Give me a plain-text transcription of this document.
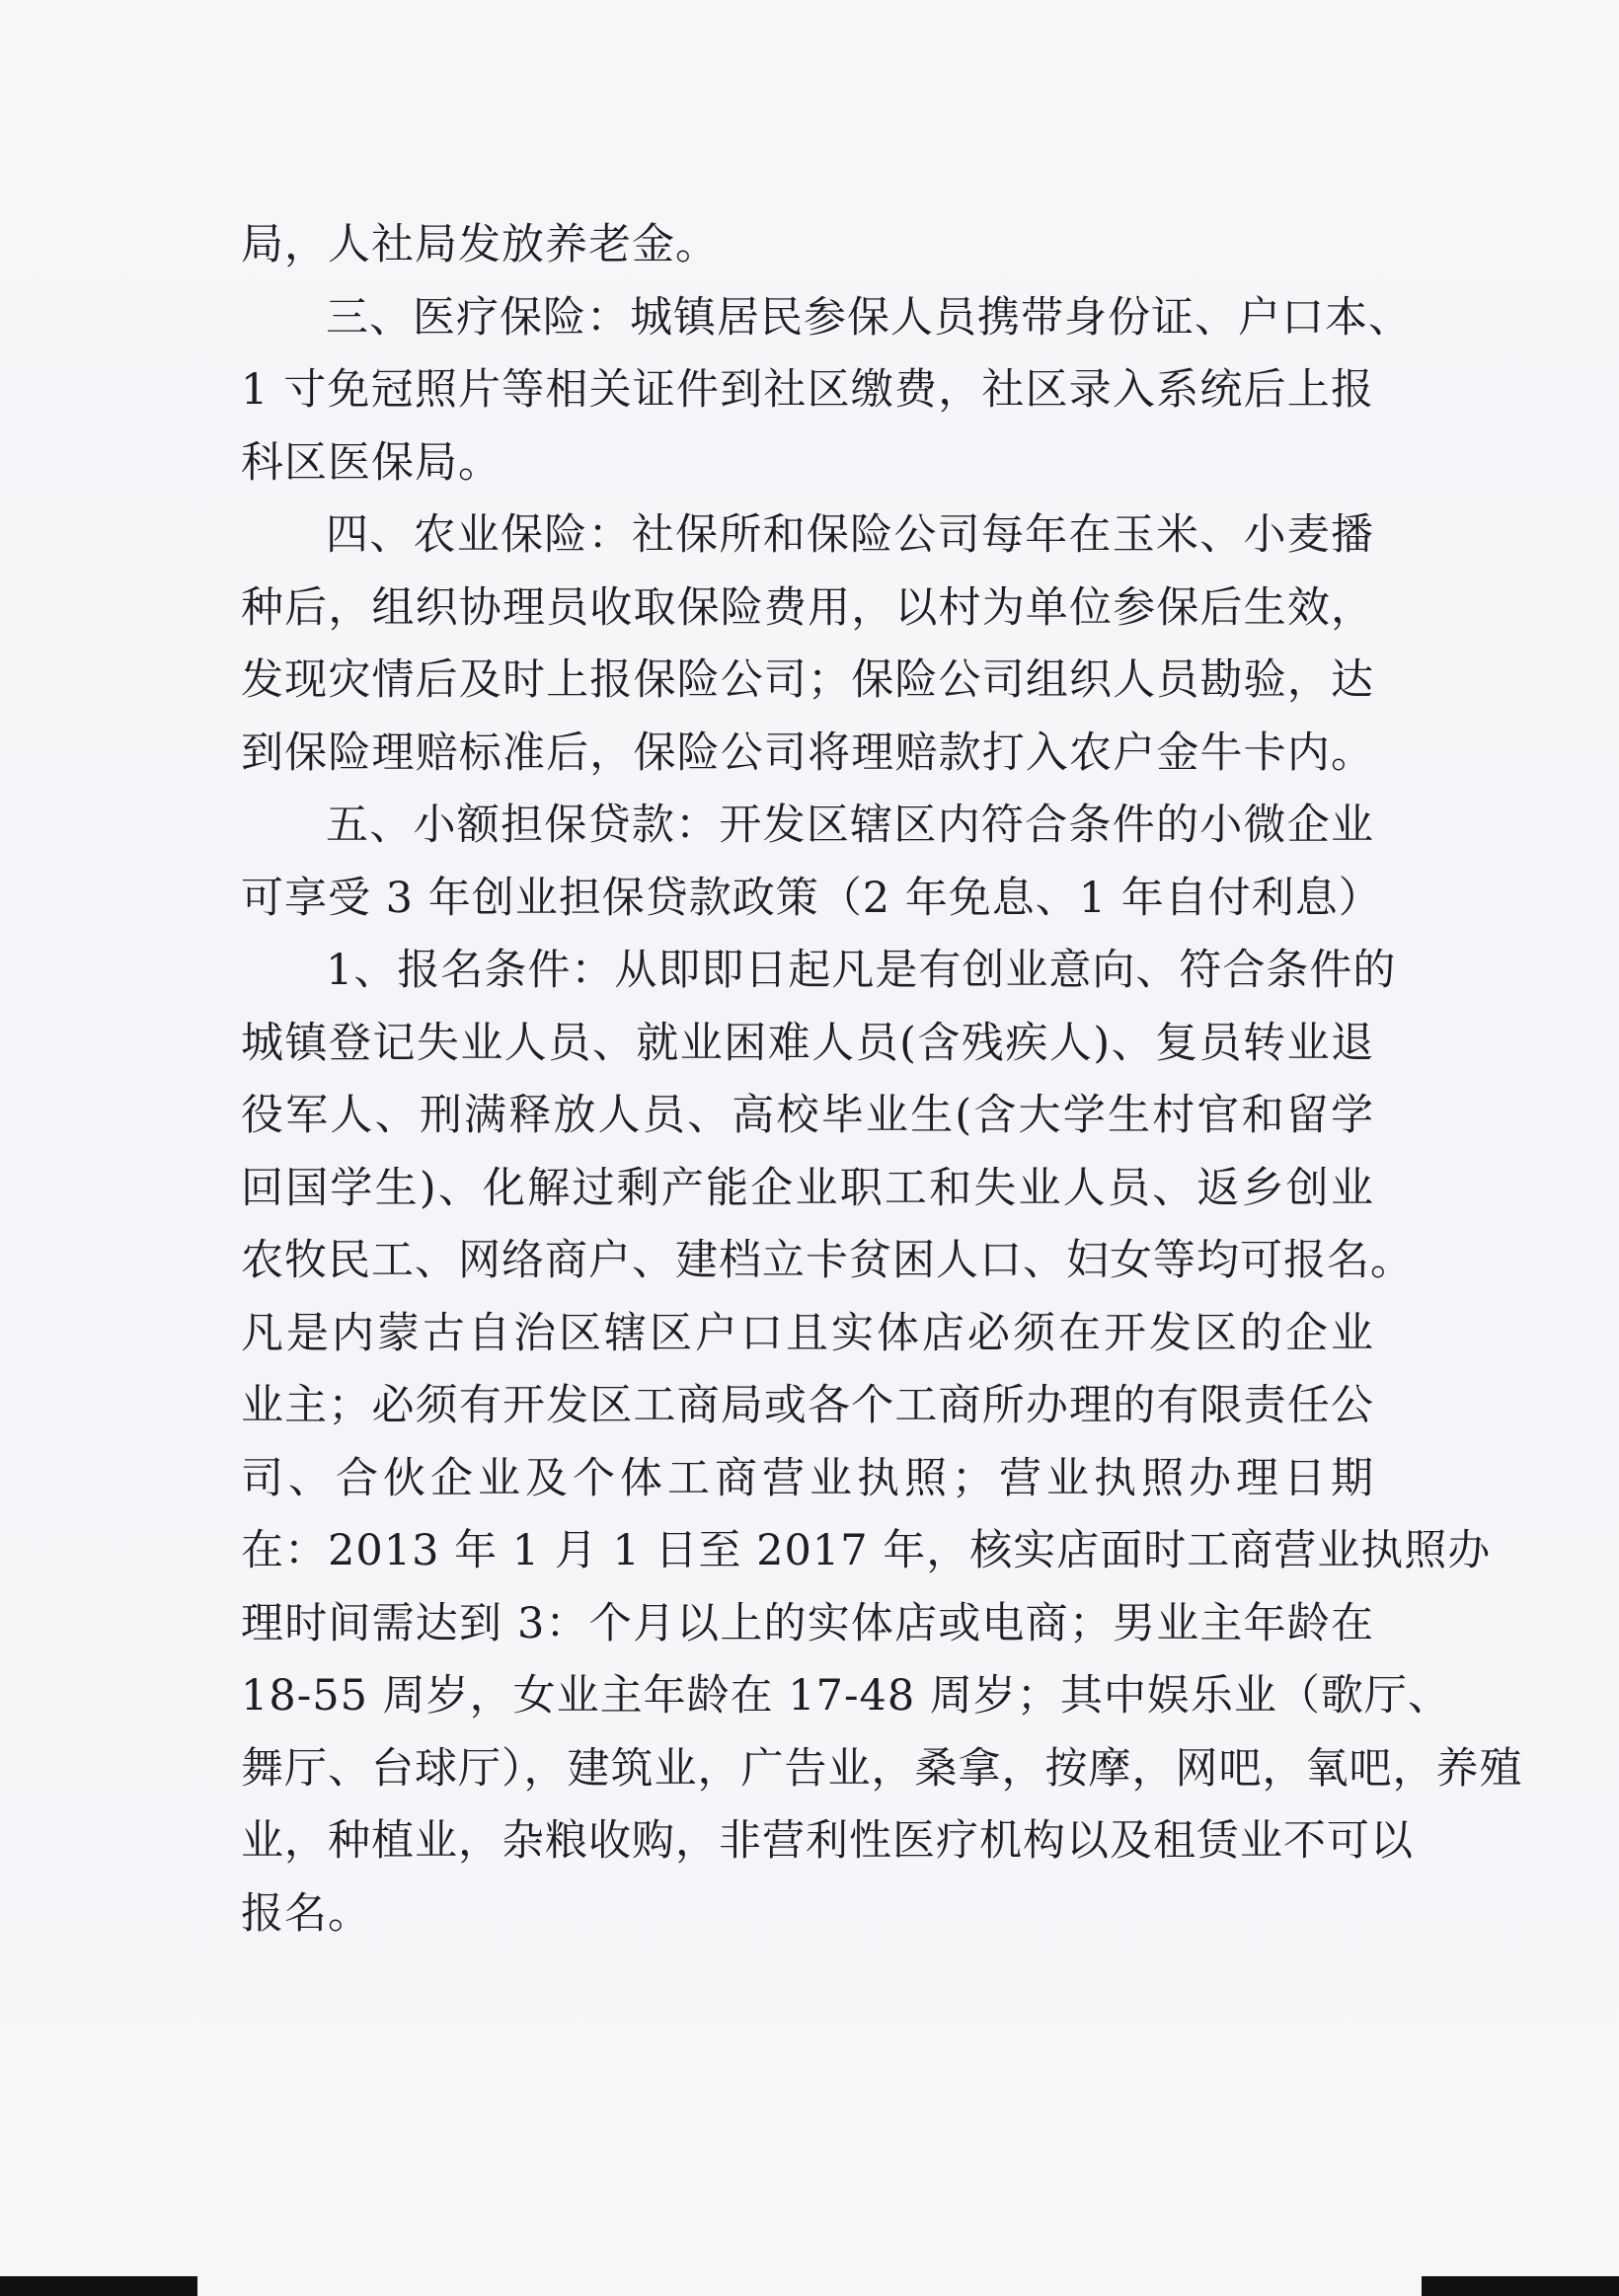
局，人社局发放养老金。
三、医疗保险：城镇居民参保人员携带身份证、户口本、
1 寸免冠照片等相关证件到社区缴费，社区录入系统后上报
科区医保局。
四、农业保险：社保所和保险公司每年在玉米、小麦播
种后，组织协理员收取保险费用，以村为单位参保后生效，
发现灾情后及时上报保险公司；保险公司组织人员勘验，达
到保险理赔标准后，保险公司将理赔款打入农户金牛卡内。
五、小额担保贷款：开发区辖区内符合条件的小微企业
可享受 3 年创业担保贷款政策（2 年免息、1 年自付利息）
1、报名条件：从即即日起凡是有创业意向、符合条件的
城镇登记失业人员、就业困难人员(含残疾人)、复员转业退
役军人、刑满释放人员、高校毕业生(含大学生村官和留学
回国学生)、化解过剩产能企业职工和失业人员、返乡创业
农牧民工、网络商户、建档立卡贫困人口、妇女等均可报名。
凡是内蒙古自治区辖区户口且实体店必须在开发区的企业
业主；必须有开发区工商局或各个工商所办理的有限责任公
司、合伙企业及个体工商营业执照；营业执照办理日期
在：2013 年 1 月 1 日至 2017 年，核实店面时工商营业执照办
理时间需达到 3：个月以上的实体店或电商；男业主年龄在
18-55 周岁，女业主年龄在 17-48 周岁；其中娱乐业（歌厅、
舞厅、台球厅），建筑业，广告业，桑拿，按摩，网吧，氧吧，养殖
业，种植业，杂粮收购，非营利性医疗机构以及租赁业不可以
报名。
